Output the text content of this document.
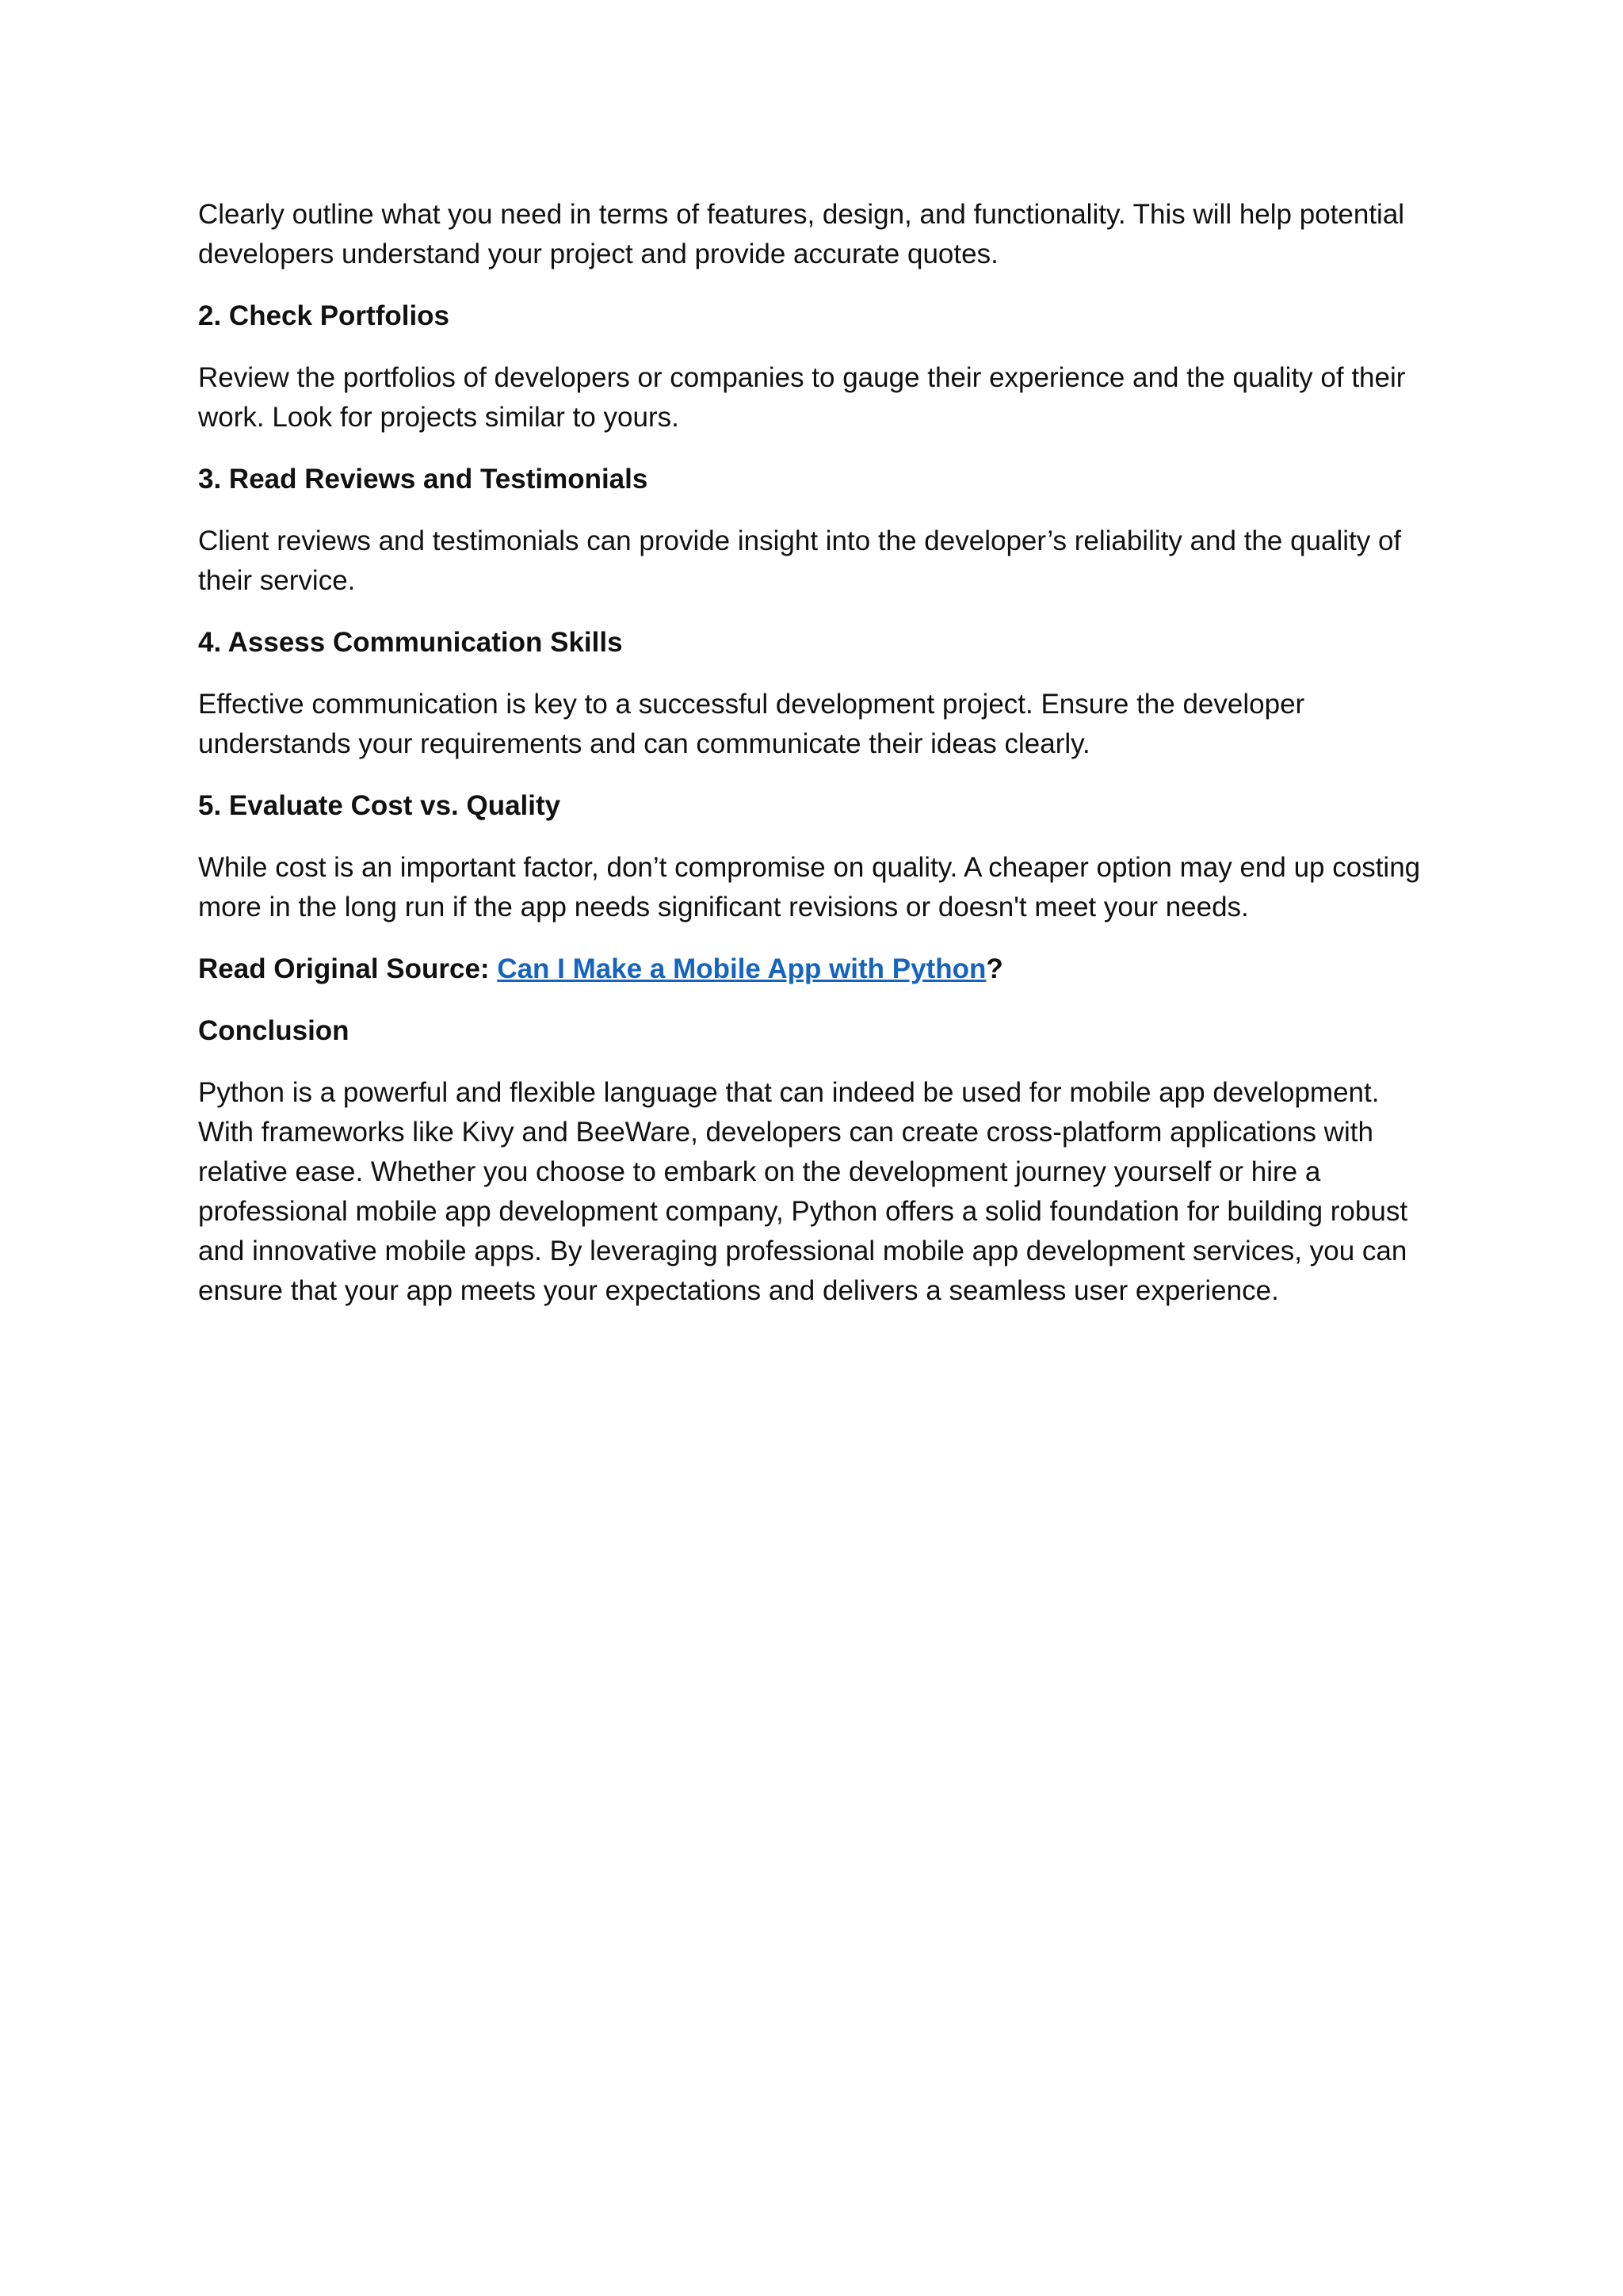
Clearly outline what you need in terms of features, design, and functionality. This will help potential developers understand your project and provide accurate quotes.

2. Check Portfolios

Review the portfolios of developers or companies to gauge their experience and the quality of their work. Look for projects similar to yours.

3. Read Reviews and Testimonials

Client reviews and testimonials can provide insight into the developer’s reliability and the quality of their service.

4. Assess Communication Skills

Effective communication is key to a successful development project. Ensure the developer understands your requirements and can communicate their ideas clearly.

5. Evaluate Cost vs. Quality

While cost is an important factor, don’t compromise on quality. A cheaper option may end up costing more in the long run if the app needs significant revisions or doesn't meet your needs.

Read Original Source: Can I Make a Mobile App with Python?
Conclusion

Python is a powerful and flexible language that can indeed be used for mobile app development. With frameworks like Kivy and BeeWare, developers can create cross-platform applications with relative ease. Whether you choose to embark on the development journey yourself or hire a professional mobile app development company, Python offers a solid foundation for building robust and innovative mobile apps. By leveraging professional mobile app development services, you can ensure that your app meets your expectations and delivers a seamless user experience.
